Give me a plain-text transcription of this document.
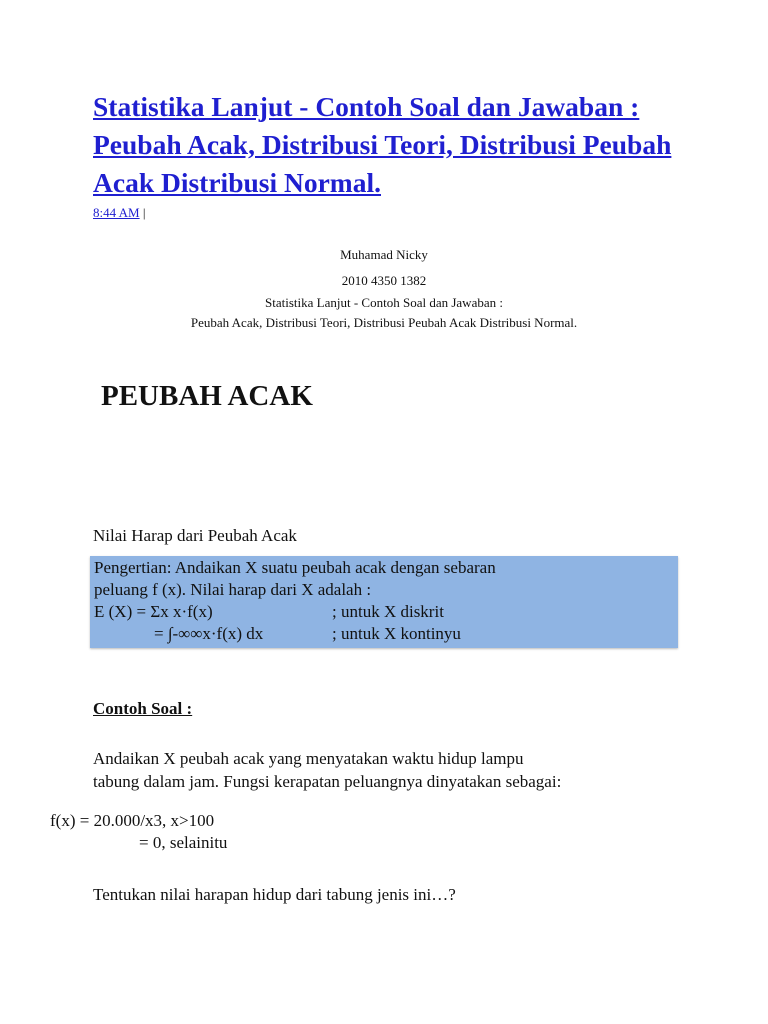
Statistika Lanjut - Contoh Soal dan Jawaban : Peubah Acak, Distribusi Teori, Distribusi Peubah Acak Distribusi Normal.
8:44 AM |
Muhamad Nicky
2010 4350 1382
Statistika Lanjut - Contoh Soal dan Jawaban :
Peubah Acak, Distribusi Teori, Distribusi Peubah Acak Distribusi Normal.
PEUBAH ACAK
Nilai Harap dari Peubah Acak
Pengertian: Andaikan X suatu peubah acak dengan sebaran
peluang f (x). Nilai harap dari X adalah :
E (X) = Σx x·f(x)	; untuk X diskrit
= ∫-∞∞x·f(x) dx	; untuk X kontinyu
Contoh Soal :
Andaikan X peubah acak yang menyatakan waktu hidup lampu
tabung dalam jam. Fungsi kerapatan peluangnya dinyatakan sebagai:
f(x) = 20.000/x3, x>100
= 0, selainitu
Tentukan nilai harapan hidup dari tabung jenis ini…?
